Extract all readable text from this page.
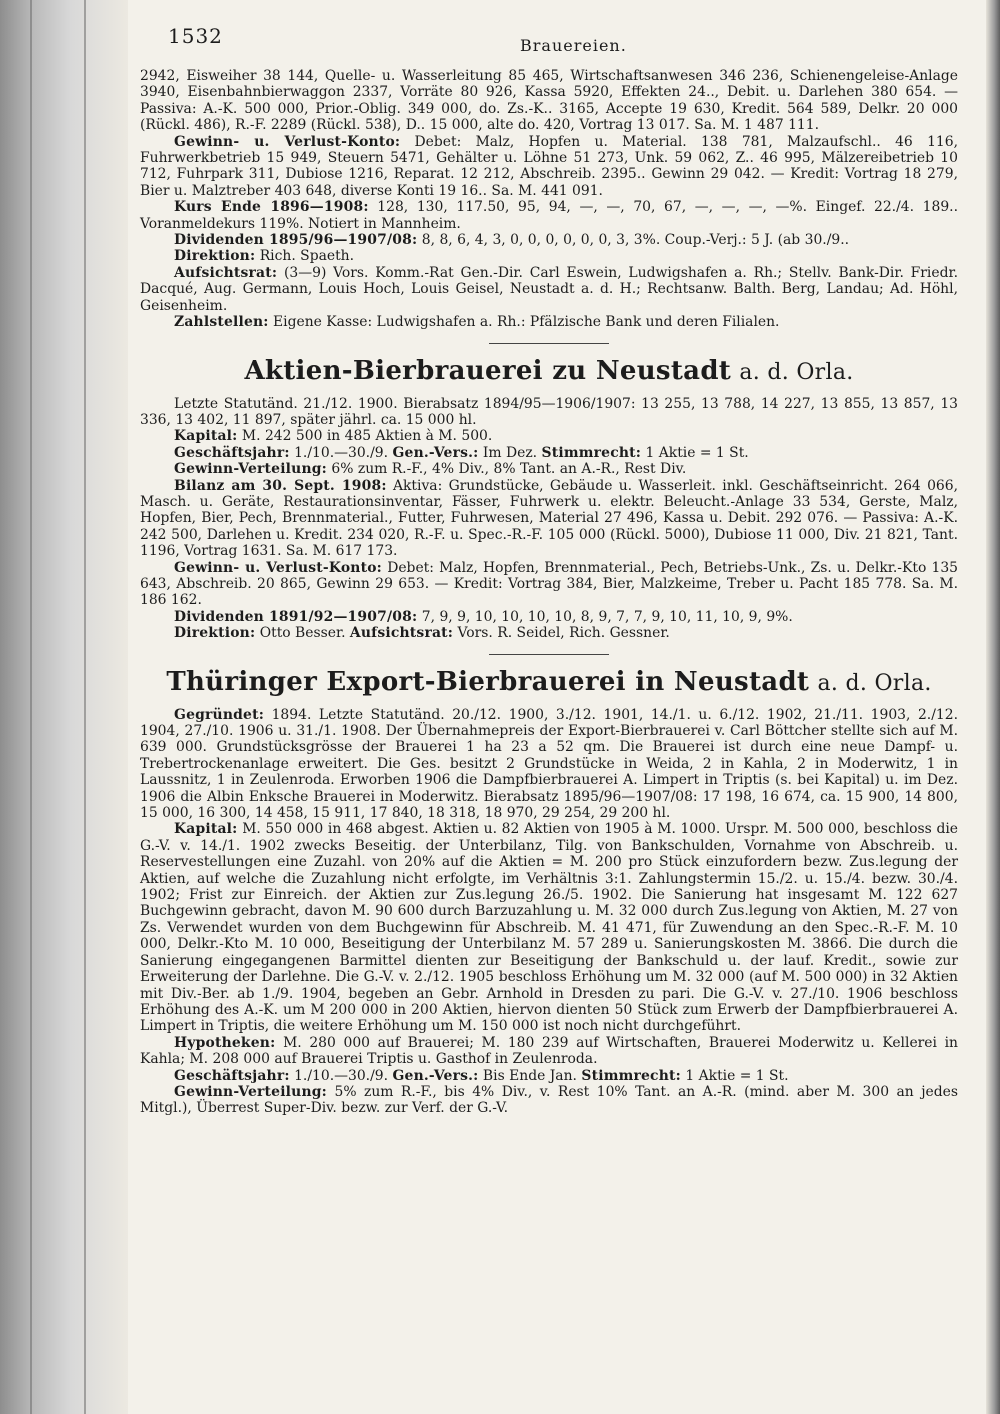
1532	Brauereien.

2942, Eisweiher 38 144, Quelle- u. Wasserleitung 85 465, Wirtschaftsanwesen 346 236, Schienengeleise-Anlage 3940, Eisenbahnbierwaggon 2337, Vorräte 80 926, Kassa 5920, Effekten 24.., Debit. u. Darlehen 380 654. — Passiva: A.-K. 500 000, Prior.-Oblig. 349 000, do. Zs.-K.. 3165, Accepte 19 630, Kredit. 564 589, Delkr. 20 000 (Rückl. 486), R.-F. 2289 (Rückl. 538), D.. 15 000, alte do. 420, Vortrag 13 017. Sa. M. 1 487 111.

Gewinn- u. Verlust-Konto: Debet: Malz, Hopfen u. Material. 138 781, Malzaufschl.. 46 116, Fuhrwerkbetrieb 15 949, Steuern 5471, Gehälter u. Löhne 51 273, Unk. 59 062, Z.. 46 995, Mälzereibetrieb 10 712, Fuhrpark 311, Dubiose 1216, Reparat. 12 212, Abschreib. 2395.. Gewinn 29 042. — Kredit: Vortrag 18 279, Bier u. Malztreber 403 648, diverse Konti 19 16.. Sa. M. 441 091.

Kurs Ende 1896—1908: 128, 130, 117.50, 95, 94, —, —, 70, 67, —, —, —, —%. Eingef. 22./4. 189.. Voranmeldekurs 119%. Notiert in Mannheim.

Dividenden 1895/96—1907/08: 8, 8, 6, 4, 3, 0, 0, 0, 0, 0, 0, 3, 3%. Coup.-Verj.: 5 J. (ab 30./9..

Direktion: Rich. Spaeth.

Aufsichtsrat: (3—9) Vors. Komm.-Rat Gen.-Dir. Carl Eswein, Ludwigshafen a. Rh.; Stellv. Bank-Dir. Friedr. Dacqué, Aug. Germann, Louis Hoch, Louis Geisel, Neustadt a. d. H.; Rechtsanw. Balth. Berg, Landau; Ad. Höhl, Geisenheim.

Zahlstellen: Eigene Kasse: Ludwigshafen a. Rh.: Pfälzische Bank und deren Filialen.

Aktien-Bierbrauerei zu Neustadt a. d. Orla.

Letzte Statutänd. 21./12. 1900. Bierabsatz 1894/95—1906/1907: 13 255, 13 788, 14 227, 13 855, 13 857, 13 336, 13 402, 11 897, später jährl. ca. 15 000 hl.

Kapital: M. 242 500 in 485 Aktien à M. 500.

Geschäftsjahr: 1./10.—30./9. Gen.-Vers.: Im Dez. Stimmrecht: 1 Aktie = 1 St.

Gewinn-Verteilung: 6% zum R.-F., 4% Div., 8% Tant. an A.-R., Rest Div.

Bilanz am 30. Sept. 1908: Aktiva: Grundstücke, Gebäude u. Wasserleit. inkl. Geschäftseinricht. 264 066, Masch. u. Geräte, Restaurationsinventar, Fässer, Fuhrwerk u. elektr. Beleucht.-Anlage 33 534, Gerste, Malz, Hopfen, Bier, Pech, Brennmaterial., Futter, Fuhrwesen, Material 27 496, Kassa u. Debit. 292 076. — Passiva: A.-K. 242 500, Darlehen u. Kredit. 234 020, R.-F. u. Spec.-R.-F. 105 000 (Rückl. 5000), Dubiose 11 000, Div. 21 821, Tant. 1196, Vortrag 1631. Sa. M. 617 173.

Gewinn- u. Verlust-Konto: Debet: Malz, Hopfen, Brennmaterial., Pech, Betriebs-Unk., Zs. u. Delkr.-Kto 135 643, Abschreib. 20 865, Gewinn 29 653. — Kredit: Vortrag 384, Bier, Malzkeime, Treber u. Pacht 185 778. Sa. M. 186 162.

Dividenden 1891/92—1907/08: 7, 9, 9, 10, 10, 10, 10, 8, 9, 7, 7, 9, 10, 11, 10, 9, 9%.

Direktion: Otto Besser. Aufsichtsrat: Vors. R. Seidel, Rich. Gessner.

Thüringer Export-Bierbrauerei in Neustadt a. d. Orla.

Gegründet: 1894. Letzte Statutänd. 20./12. 1900, 3./12. 1901, 14./1. u. 6./12. 1902, 21./11. 1903, 2./12. 1904, 27./10. 1906 u. 31./1. 1908. Der Übernahmepreis der Export-Bierbrauerei v. Carl Böttcher stellte sich auf M. 639 000. Grundstücksgrösse der Brauerei 1 ha 23 a 52 qm. Die Brauerei ist durch eine neue Dampf- u. Trebertrockenanlage erweitert. Die Ges. besitzt 2 Grundstücke in Weida, 2 in Kahla, 2 in Moderwitz, 1 in Laussnitz, 1 in Zeulenroda. Erworben 1906 die Dampfbierbrauerei A. Limpert in Triptis (s. bei Kapital) u. im Dez. 1906 die Albin Enksche Brauerei in Moderwitz. Bierabsatz 1895/96—1907/08: 17 198, 16 674, ca. 15 900, 14 800, 15 000, 16 300, 14 458, 15 911, 17 840, 18 318, 18 970, 29 254, 29 200 hl.

Kapital: M. 550 000 in 468 abgest. Aktien u. 82 Aktien von 1905 à M. 1000. Urspr. M. 500 000, beschloss die G.-V. v. 14./1. 1902 zwecks Beseitig. der Unterbilanz, Tilg. von Bankschulden, Vornahme von Abschreib. u. Reservestellungen eine Zuzahl. von 20% auf die Aktien = M. 200 pro Stück einzufordern bezw. Zus.legung der Aktien, auf welche die Zuzahlung nicht erfolgte, im Verhältnis 3:1. Zahlungstermin 15./2. u. 15./4. bezw. 30./4. 1902; Frist zur Einreich. der Aktien zur Zus.legung 26./5. 1902. Die Sanierung hat insgesamt M. 122 627 Buchgewinn gebracht, davon M. 90 600 durch Barzuzahlung u. M. 32 000 durch Zus.legung von Aktien, M. 27 von Zs. Verwendet wurden von dem Buchgewinn für Abschreib. M. 41 471, für Zuwendung an den Spec.-R.-F. M. 10 000, Delkr.-Kto M. 10 000, Beseitigung der Unterbilanz M. 57 289 u. Sanierungskosten M. 3866. Die durch die Sanierung eingegangenen Barmittel dienten zur Beseitigung der Bankschuld u. der lauf. Kredit., sowie zur Erweiterung der Darlehne. Die G.-V. v. 2./12. 1905 beschloss Erhöhung um M. 32 000 (auf M. 500 000) in 32 Aktien mit Div.-Ber. ab 1./9. 1904, begeben an Gebr. Arnhold in Dresden zu pari. Die G.-V. v. 27./10. 1906 beschloss Erhöhung des A.-K. um M 200 000 in 200 Aktien, hiervon dienten 50 Stück zum Erwerb der Dampfbierbrauerei A. Limpert in Triptis, die weitere Erhöhung um M. 150 000 ist noch nicht durchgeführt.

Hypotheken: M. 280 000 auf Brauerei; M. 180 239 auf Wirtschaften, Brauerei Moderwitz u. Kellerei in Kahla; M. 208 000 auf Brauerei Triptis u. Gasthof in Zeulenroda.

Geschäftsjahr: 1./10.—30./9. Gen.-Vers.: Bis Ende Jan. Stimmrecht: 1 Aktie = 1 St.

Gewinn-Verteilung: 5% zum R.-F., bis 4% Div., v. Rest 10% Tant. an A.-R. (mind. aber M. 300 an jedes Mitgl.), Überrest Super-Div. bezw. zur Verf. der G.-V.
